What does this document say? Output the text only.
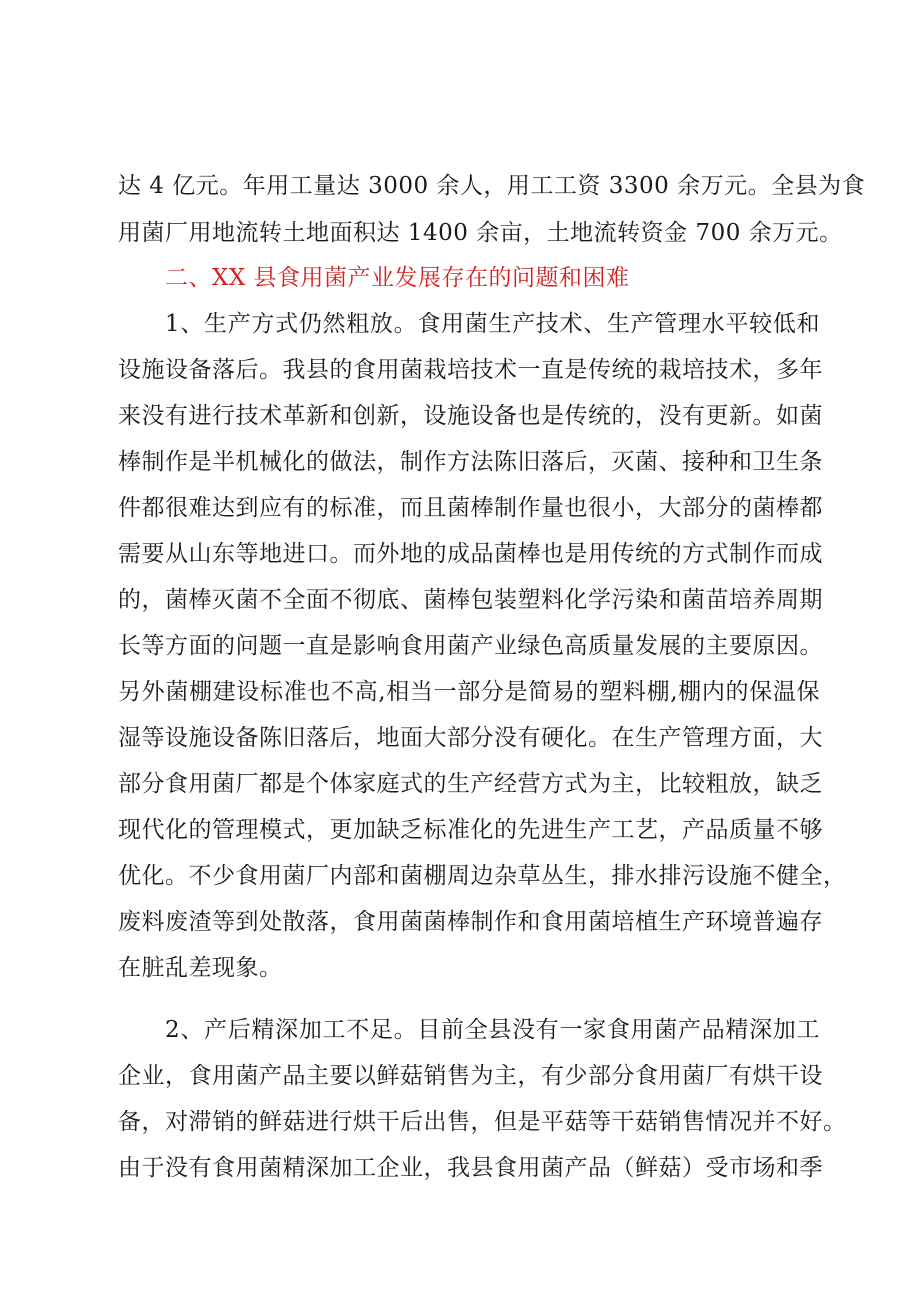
达 4 亿元。年用工量达 3000 余人，用工工资 3300 余万元。全县为食
用菌厂用地流转土地面积达 1400 余亩，土地流转资金 700 余万元。
二、XX 县食用菌产业发展存在的问题和困难
1、生产方式仍然粗放。食用菌生产技术、生产管理水平较低和
设施设备落后。我县的食用菌栽培技术一直是传统的栽培技术，多年
来没有进行技术革新和创新，设施设备也是传统的，没有更新。如菌
棒制作是半机械化的做法，制作方法陈旧落后，灭菌、接种和卫生条
件都很难达到应有的标准，而且菌棒制作量也很小，大部分的菌棒都
需要从山东等地进口。而外地的成品菌棒也是用传统的方式制作而成
的，菌棒灭菌不全面不彻底、菌棒包装塑料化学污染和菌苗培养周期
长等方面的问题一直是影响食用菌产业绿色高质量发展的主要原因。
另外菌棚建设标准也不高,相当一部分是简易的塑料棚,棚内的保温保
湿等设施设备陈旧落后，地面大部分没有硬化。在生产管理方面，大
部分食用菌厂都是个体家庭式的生产经营方式为主，比较粗放，缺乏
现代化的管理模式，更加缺乏标准化的先进生产工艺，产品质量不够
优化。不少食用菌厂内部和菌棚周边杂草丛生，排水排污设施不健全，
废料废渣等到处散落，食用菌菌棒制作和食用菌培植生产环境普遍存
在脏乱差现象。
2、产后精深加工不足。目前全县没有一家食用菌产品精深加工
企业，食用菌产品主要以鲜菇销售为主，有少部分食用菌厂有烘干设
备，对滞销的鲜菇进行烘干后出售，但是平菇等干菇销售情况并不好。
由于没有食用菌精深加工企业，我县食用菌产品（鲜菇）受市场和季
